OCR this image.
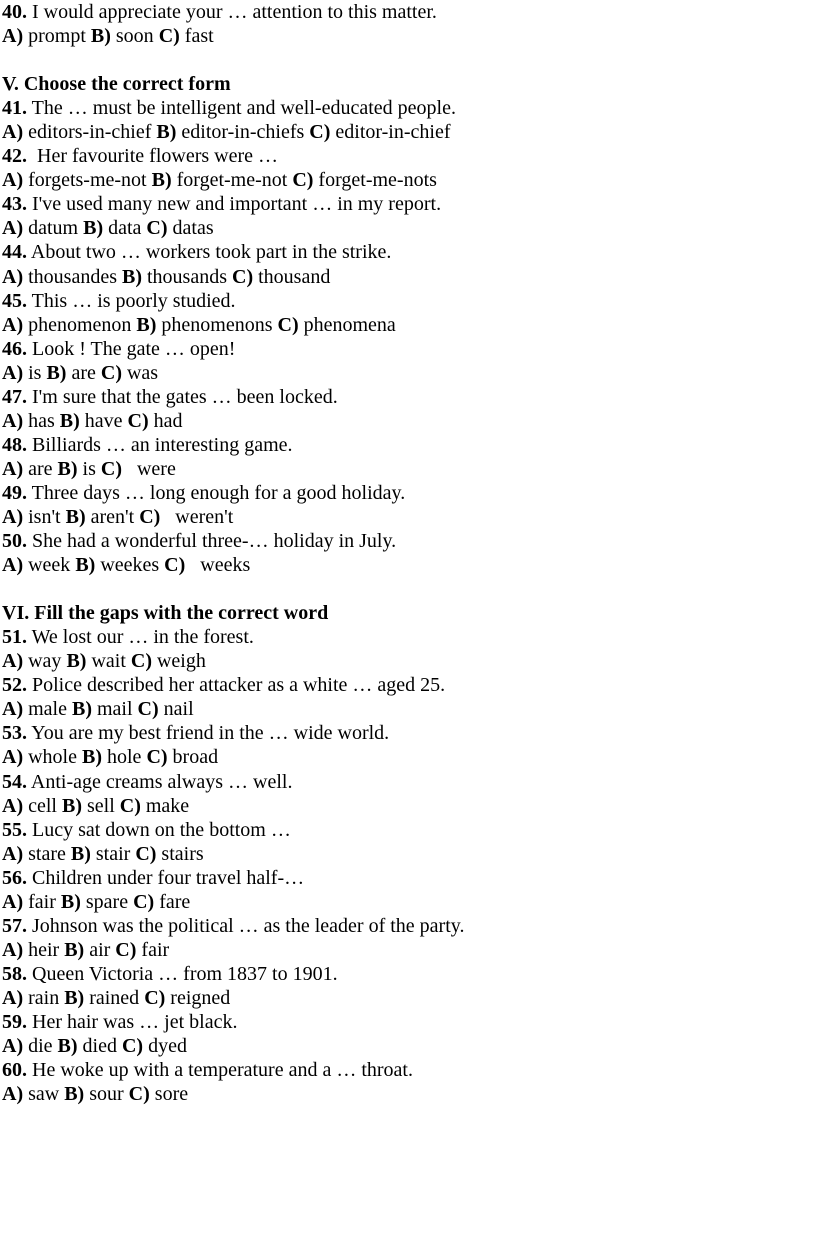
40. I would appreciate your … attention to this matter.
A) prompt B) soon C) fast
V. Choose the correct form
41. The … must be intelligent and well-educated people.
A) editors-in-chief B) editor-in-chiefs C) editor-in-chief
42.  Her favourite flowers were …
A) forgets-me-not B) forget-me-not C) forget-me-nots
43. I've used many new and important … in my report.
A) datum B) data C) datas
44. About two … workers took part in the strike.
A) thousandes B) thousands C) thousand
45. This … is poorly studied.
A) phenomenon B) phenomenons C) phenomena
46. Look ! The gate … open!
A) is B) are C) was
47. I'm sure that the gates … been locked.
A) has B) have C) had
48. Billiards … an interesting game.
A) are B) is C)   were
49. Three days … long enough for a good holiday.
A) isn't B) aren't C)   weren't
50. She had a wonderful three-… holiday in July.
A) week B) weekes C)   weeks
VI. Fill the gaps with the correct word
51. We lost our … in the forest.
A) way B) wait C) weigh
52. Police described her attacker as a white … aged 25.
A) male B) mail C) nail
53. You are my best friend in the … wide world.
A) whole B) hole C) broad
54. Anti-age creams always … well.
A) cell B) sell C) make
55. Lucy sat down on the bottom …
A) stare B) stair C) stairs
56. Children under four travel half-…
A) fair B) spare C) fare
57. Johnson was the political … as the leader of the party.
A) heir B) air C) fair
58. Queen Victoria … from 1837 to 1901.
A) rain B) rained C) reigned
59. Her hair was … jet black.
A) die B) died C) dyed
60. He woke up with a temperature and a … throat.
A) saw B) sour C) sore
